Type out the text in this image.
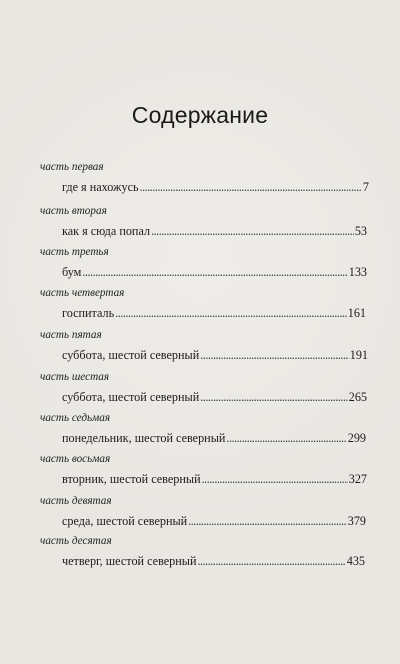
Содержание
часть первая
где я нахожусь .....	7
часть вторая
как я сюда попал .....	53
часть третья
бум .....	133
часть четвертая
госпиталь .....	161
часть пятая
суббота, шестой северный .....	191
часть шестая
суббота, шестой северный .....	265
часть седьмая
понедельник, шестой северный .....	299
часть восьмая
вторник, шестой северный .....	327
часть девятая
среда, шестой северный .....	379
часть десятая
четверг, шестой северный .....	435
